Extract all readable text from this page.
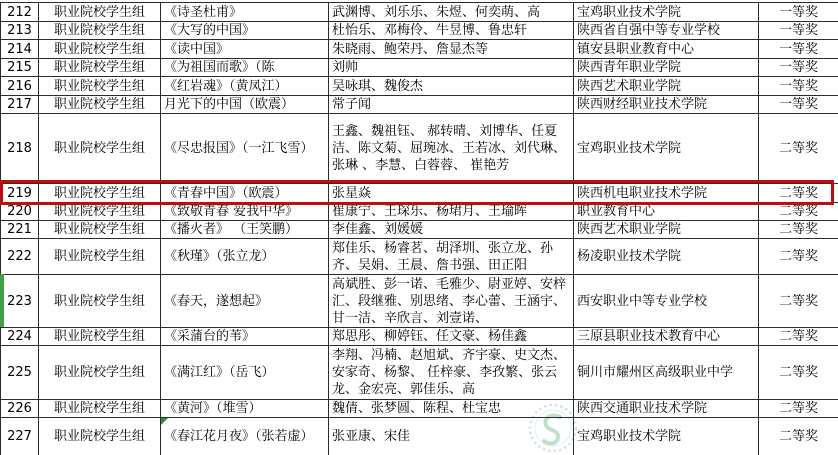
212	职业院校学生组	《诗圣杜甫》	武渊博、刘乐乐、朱煜、何奕萌、高	宝鸡职业技术学院	一等奖
213	职业院校学生组	《大写的中国》	杜怡乐、邓梅伶、牛昱博、鲁忠轩	陕西省自强中等专业学校	一等奖
214	职业院校学生组	《读中国》	朱晓雨、鲍荣丹、詹显杰等	镇安县职业教育中心	一等奖
215	职业院校学生组	《为祖国而歌》（陈	刘帅	陕西青年职业学院	一等奖
216	职业院校学生组	《红岩魂》（黄凤江）	吴咏琪、魏俊杰	陕西艺术职业学院	一等奖
217	职业院校学生组	月光下的中国（欧震）	常子闻	陕西财经职业技术学院	一等奖
218	职业院校学生组	《尽忠报国》（一江飞雪）	王鑫、魏祖钰、 郝转晴、刘博华、任夏洁、陈文菊、屈琬冰、王若冰、刘代琳、张琳 、李慧、白蓉蓉、 崔艳芳	宝鸡职业技术学院	二等奖
219	职业院校学生组	《青春中国》（欧震）	张星焱	陕西机电职业技术学院	二等奖
220	职业院校学生组	《致敬青春 爱我中华》	崔康宁、王琛乐、杨珺月、王瑜晖	职业教育中心	二等奖
221	职业院校学生组	《播火者》 （王笑鹏）	李佳鑫、刘媛媛	陕西艺术职业学院	二等奖
222	职业院校学生组	《秋瑾》（张立龙）	郑佳乐、杨睿茗、胡泽圳、张立龙、孙齐、吴娟、王晨、詹书强、田正阳	杨凌职业技术学院	二等奖
223	职业院校学生组	《春天，遂想起》	高斌胜、彭一诺、毛雅少、尉亚婷、安梓汇、段继雅、别思绪、李心蕾、王涵宇、甘一洁、辛欣言、刘壹诺、	西安职业中等专业学校	二等奖
224	职业院校学生组	《采蒲台的苇》	郑思彤、柳婷钰、任文豪、杨佳鑫	三原县职业技术教育中心	二等奖
225	职业院校学生组	《满江红》（岳飞）	李翔、冯楠、赵旭斌、齐宇豪、史文杰、安家奇、杨黎、 任梓豪、李孜繁、张云龙、金宏亮、郭佳乐、高	铜川市耀州区高级职业中学	二等奖
226	职业院校学生组	《黄河》（堆雪）	魏倩、张梦圆、陈程、杜宝忠	陕西交通职业技术学院	二等奖
227	职业院校学生组	《春江花月夜》（张若虚）	张亚康、宋佳	宝鸡职业技术学院	二等奖
